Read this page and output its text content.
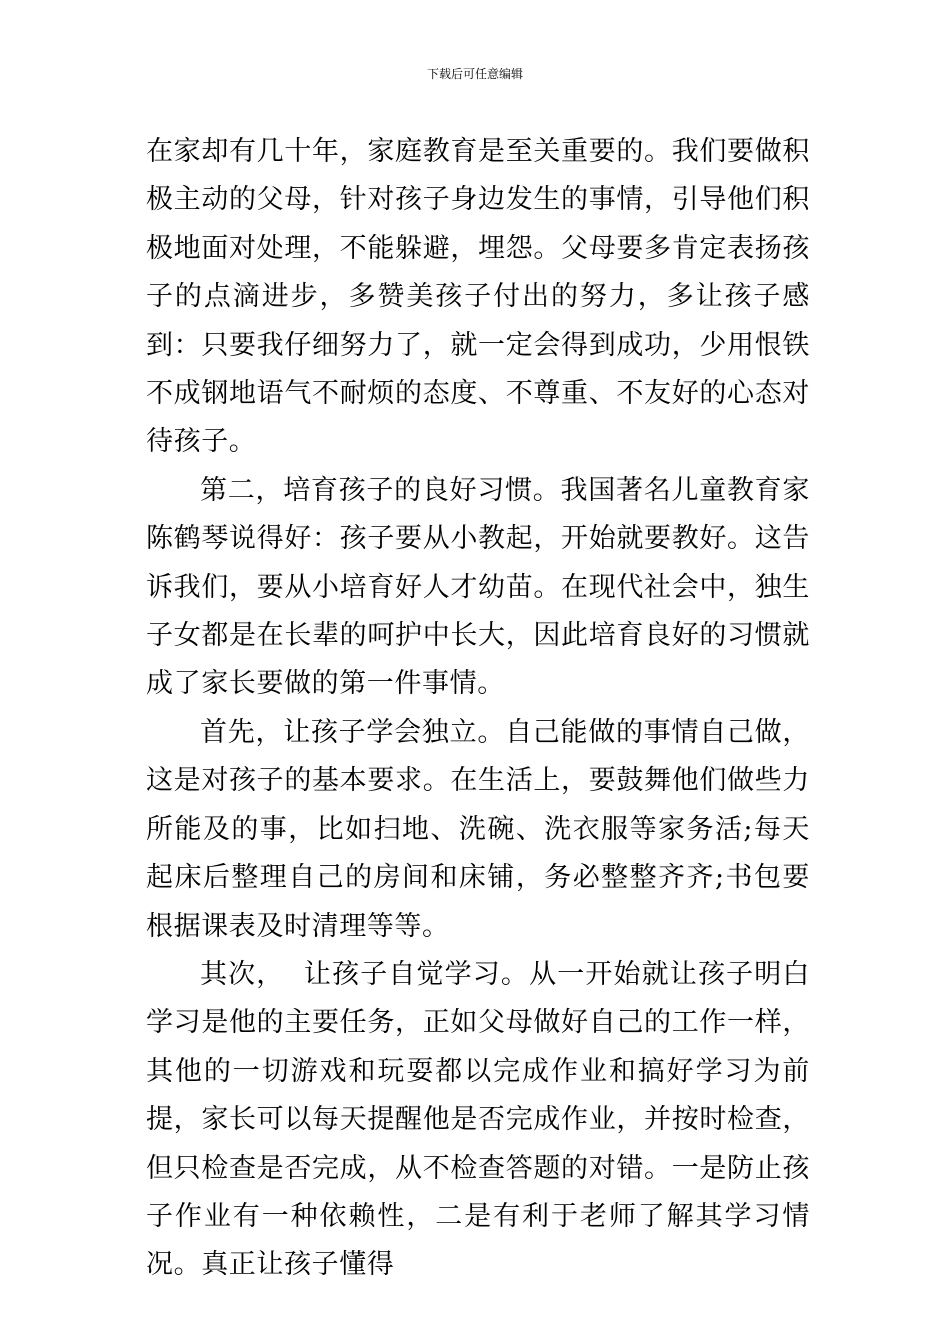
下载后可任意编辑

在家却有几十年，家庭教育是至关重要的。我们要做积极主动的父母，针对孩子身边发生的事情，引导他们积极地面对处理，不能躲避，埋怨。父母要多肯定表扬孩子的点滴进步，多赞美孩子付出的努力，多让孩子感到：只要我仔细努力了，就一定会得到成功，少用恨铁不成钢地语气不耐烦的态度、不尊重、不友好的心态对待孩子。

第二，培育孩子的良好习惯。我国著名儿童教育家陈鹤琴说得好：孩子要从小教起，开始就要教好。这告诉我们，要从小培育好人才幼苗。在现代社会中，独生子女都是在长辈的呵护中长大，因此培育良好的习惯就成了家长要做的第一件事情。

首先，让孩子学会独立。自己能做的事情自己做，这是对孩子的基本要求。在生活上，要鼓舞他们做些力所能及的事，比如扫地、洗碗、洗衣服等家务活;每天起床后整理自己的房间和床铺，务必整整齐齐;书包要根据课表及时清理等等。

其次，  让孩子自觉学习。从一开始就让孩子明白学习是他的主要任务，正如父母做好自己的工作一样，其他的一切游戏和玩耍都以完成作业和搞好学习为前提，家长可以每天提醒他是否完成作业，并按时检查，但只检查是否完成，从不检查答题的对错。一是防止孩子作业有一种依赖性，二是有利于老师了解其学习情况。真正让孩子懂得
